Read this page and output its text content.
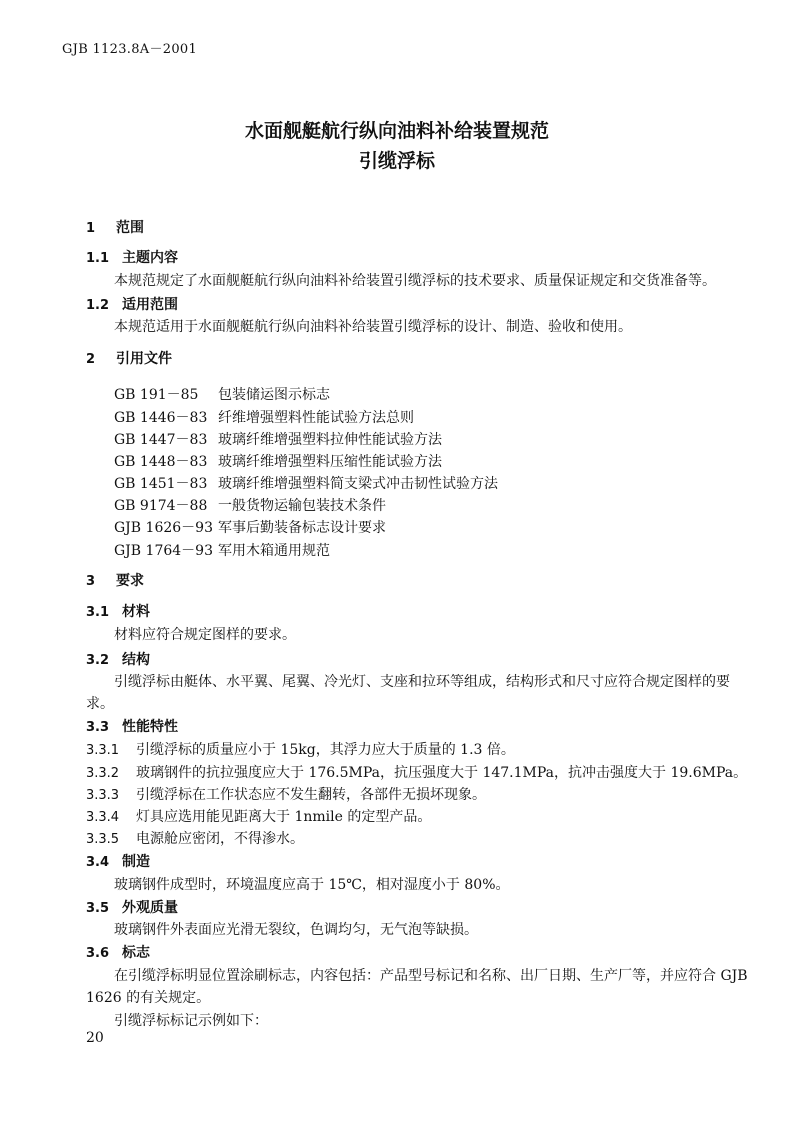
GJB 1123.8A－2001
水面舰艇航行纵向油料补给装置规范
引缆浮标
1 范围
1.1 主题内容
本规范规定了水面舰艇航行纵向油料补给装置引缆浮标的技术要求、质量保证规定和交货准备等。
1.2 适用范围
本规范适用于水面舰艇航行纵向油料补给装置引缆浮标的设计、制造、验收和使用。
2 引用文件
GB 191－85 包装储运图示标志
GB 1446－83 纤维增强塑料性能试验方法总则
GB 1447－83 玻璃纤维增强塑料拉伸性能试验方法
GB 1448－83 玻璃纤维增强塑料压缩性能试验方法
GB 1451－83 玻璃纤维增强塑料简支梁式冲击韧性试验方法
GB 9174－88 一般货物运输包装技术条件
GJB 1626－93 军事后勤装备标志设计要求
GJB 1764－93 军用木箱通用规范
3 要求
3.1 材料
材料应符合规定图样的要求。
3.2 结构
引缆浮标由艇体、水平翼、尾翼、冷光灯、支座和拉环等组成，结构形式和尺寸应符合规定图样的要
求。
3.3 性能特性
3.3.1 引缆浮标的质量应小于 15kg，其浮力应大于质量的 1.3 倍。
3.3.2 玻璃钢件的抗拉强度应大于 176.5MPa，抗压强度大于 147.1MPa，抗冲击强度大于 19.6MPa。
3.3.3 引缆浮标在工作状态应不发生翻转，各部件无损坏现象。
3.3.4 灯具应选用能见距离大于 1nmile 的定型产品。
3.3.5 电源舱应密闭，不得渗水。
3.4 制造
玻璃钢件成型时，环境温度应高于 15℃，相对湿度小于 80%。
3.5 外观质量
玻璃钢件外表面应光滑无裂纹，色调均匀，无气泡等缺损。
3.6 标志
在引缆浮标明显位置涂刷标志，内容包括：产品型号标记和名称、出厂日期、生产厂等，并应符合 GJB
1626 的有关规定。
引缆浮标标记示例如下：
20
